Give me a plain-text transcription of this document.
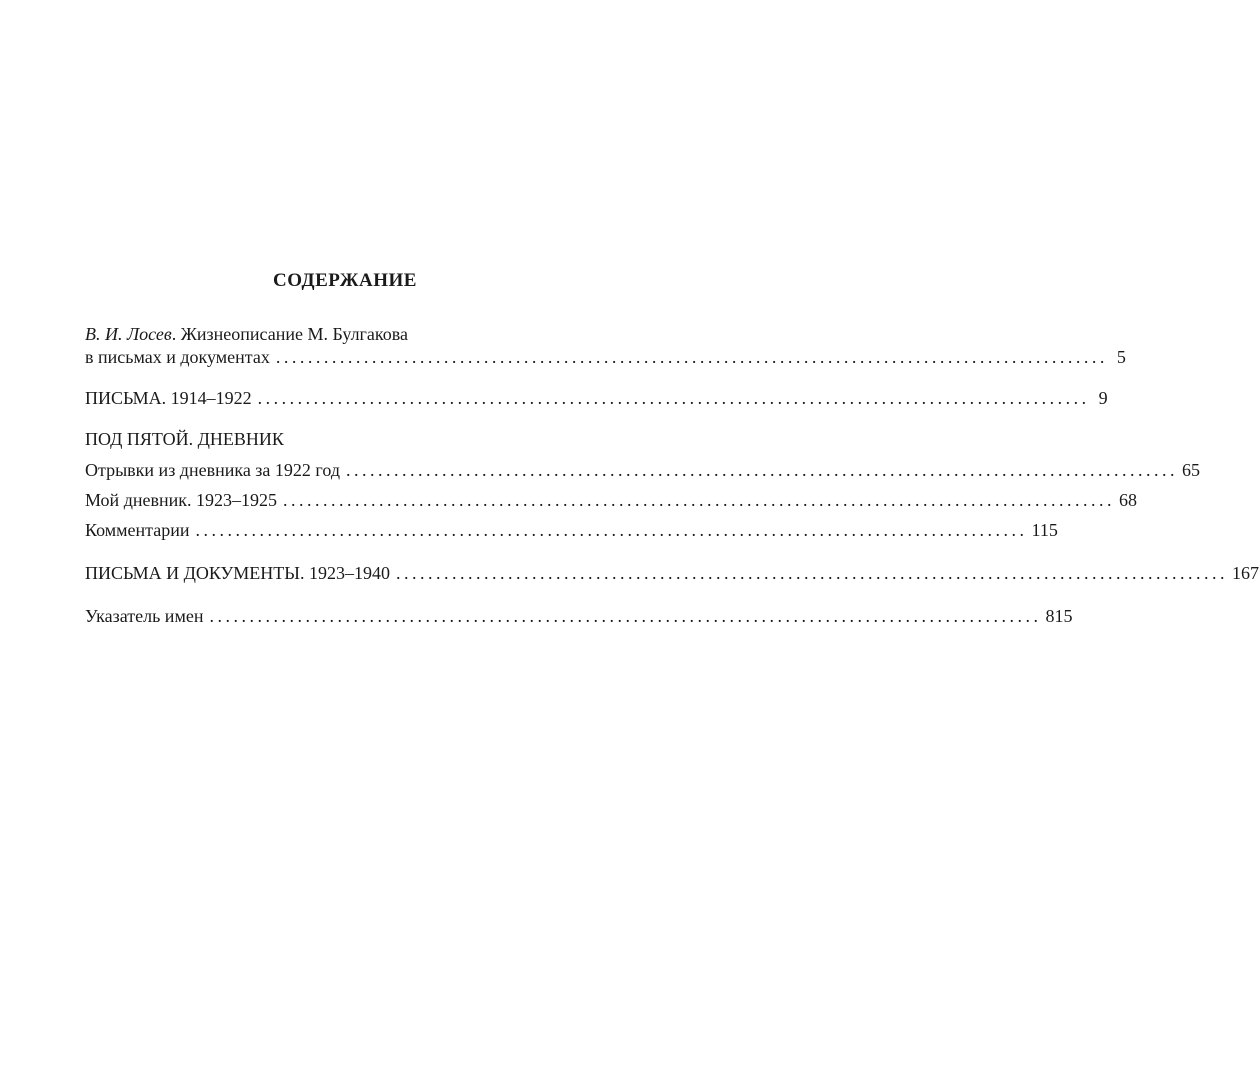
СОДЕРЖАНИЕ
В. И. Лосев. Жизнеописание М. Булгакова
в письмах и документах ........................................................................................................ 5
ПИСЬМА. 1914–1922 ........................................................................................................ 9
ПОД ПЯТОЙ. ДНЕВНИК
Отрывки из дневника за 1922 год ........................................................................................................ 65
Мой дневник. 1923–1925 ........................................................................................................ 68
Комментарии ........................................................................................................ 115
ПИСЬМА И ДОКУМЕНТЫ. 1923–1940 ........................................................................................................ 167
Указатель имен ........................................................................................................ 815
